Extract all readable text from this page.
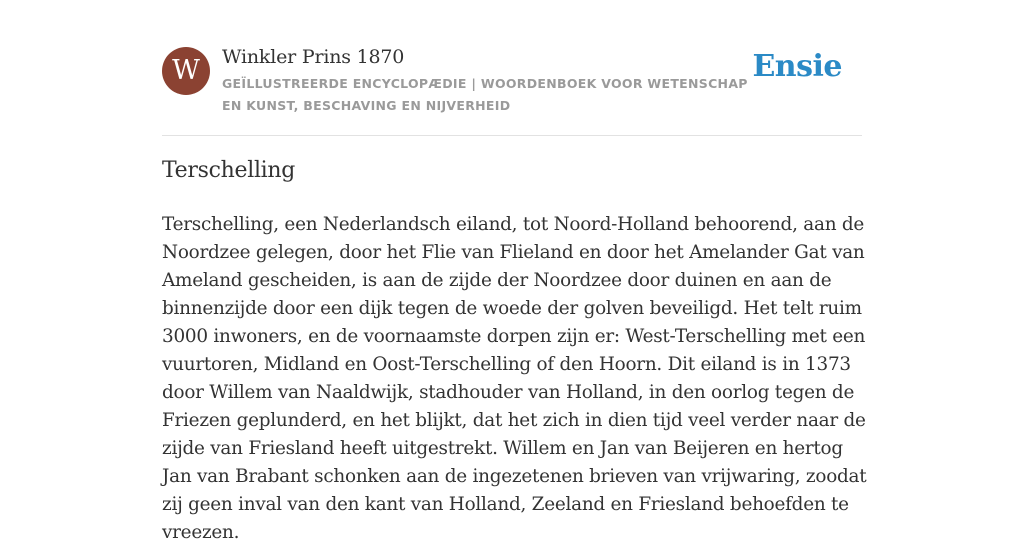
W	Winkler Prins 1870
GEÏLLUSTREERDE ENCYCLOPÆDIE | WOORDENBOEK VOOR WETENSCHAP EN KUNST, BESCHAVING EN NIJVERHEID
Ensie
Terschelling

Terschelling, een Nederlandsch eiland, tot Noord-Holland behoorend, aan de Noordzee gelegen, door het Flie van Flieland en door het Amelander Gat van Ameland gescheiden, is aan de zijde der Noordzee door duinen en aan de binnenzijde door een dijk tegen de woede der golven beveiligd. Het telt ruim 3000 inwoners, en de voornaamste dorpen zijn er: West-Terschelling met een vuurtoren, Midland en Oost-Terschelling of den Hoorn. Dit eiland is in 1373 door Willem van Naaldwijk, stadhouder van Holland, in den oorlog tegen de Friezen geplunderd, en het blijkt, dat het zich in dien tijd veel verder naar de zijde van Friesland heeft uitgestrekt. Willem en Jan van Beijeren en hertog Jan van Brabant schonken aan de ingezetenen brieven van vrijwaring, zoodat zij geen inval van den kant van Holland, Zeeland en Friesland behoefden te vreezen.
